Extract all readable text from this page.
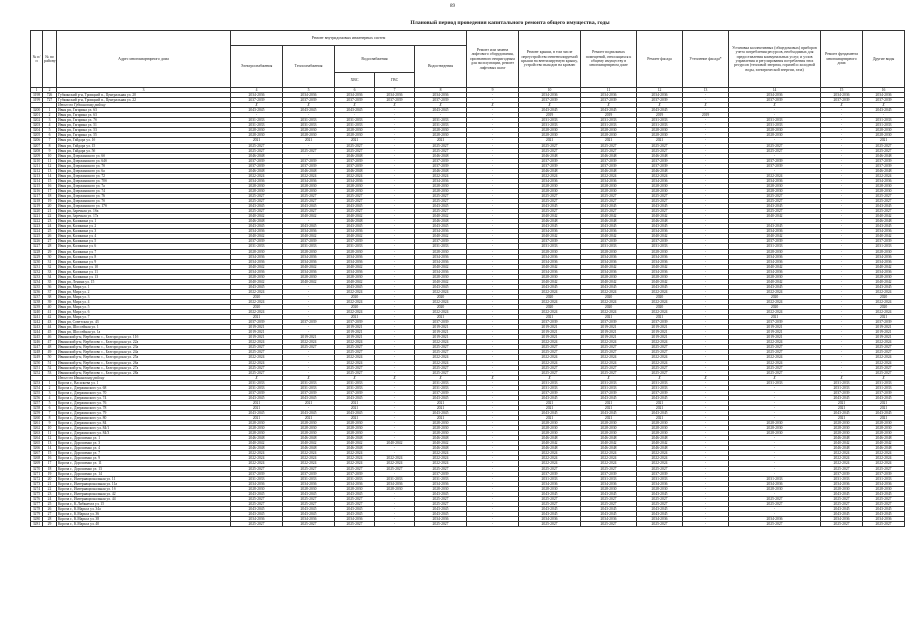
89
Плановый период проведения капитального ремонта общего имущества, годы
№ п/п	№ по району	Адрес многоквартирного дома	Ремонт внутридомовых инженерных систем					Ремонт или замена лифтового оборудования, признанного непригодным для эксплуатации, ремонт лифтовых шахт	Ремонт крыши, в том числе переустройство невентилируемой крыши на вентилируемую крышу, устройство выходов на кровлю	Ремонт подвальных помещений, относящихся к общему имуществу в многоквартирном доме	Ремонт фасада	Утепление фасада*	Установка коллективных (общедомовых) приборов учета потребления ресурсов, необходимых для предоставления коммунальных услуг, и узлов управления и регулирования потребления этих ресурсов (тепловой энергии, горячей и холодной воды, электрической энергии, газа)	Ремонт фундамента многоквартирного дома	Другие виды
			Электроснабжения	Теплоснабжения	Водоснабжения		Водоотведения								
					ХВС	ГВС									
1	2	3	4	5	6	7	8	9	10	11	12	13	14	15	16
3198	726	Губкинский р-н, Троицкий п., Центральная ул. 20	2034-2036	2034-2036	2034-2036	2034-2036	2034-2036	-	2034-2036	2034-2036	2034-2036	-	2034-2036	2034-2036	2034-2036
3199	727	Губкинский р-н, Троицкий п., Центральная ул. 22	2037-2039	2037-2039	2037-2039	2037-2039	2037-2039	-	2037-2039	2037-2039	2037-2039	-	2037-2039	2037-2039	2037-2039
		Итого по Губкинскому району	X	X	X	X	X	X	X	X	X	X	X	X	X
3200	1	Ивня рп, Гагарина ул. 63	2043-2045	2043-2045	2043-2045	-	2043-2045	-	2043-2045	2043-2045	2043-2045	-	-	-	2043-2045
3201	2	Ивня рп, Гагарина ул. 63	-	-	-	-	-	-	2019	2019	2019	2019	-	-	-
3202	3	Ивня рп, Гагарина ул. 7б	2031-2033	2031-2033	2031-2033	-	2031-2033	-	2031-2033	2031-2033	2031-2033	-	2031-2033	-	2031-2033
3203	4	Ивня рп, Гагарина ул. 51	2031-2033	2031-2033	2031-2033	-	2031-2033	-	2031-2033	2031-2033	2031-2033	-	2031-2033	-	2031-2033
3204	5	Ивня рп, Гагарина ул. 53	2028-2030	2028-2030	2028-2030	-	2028-2030	-	2028-2030	2028-2030	2028-2030	-	2028-2030	-	2028-2030
3205	6	Ивня рп, Гагарина ул. 55	2028-2030	2028-2030	2028-2030	-	2028-2030	-	2028-2030	2028-2030	2028-2030	-	2028-2030	-	2028-2030
3206	7	Ивня рп, Гайдара ул. 1б	2021	2021	2021	-	2021	-	2021	2021	2021	-	-	-	2021
3207	8	Ивня рп, Гайдара ул. 15	2025-2027	-	2025-2027	-	2025-2027	-	2025-2027	2025-2027	2025-2027	-	2025-2027	-	2025-2027
3208	9	Ивня рп, Гайдара ул. 5б	2025-2027	2025-2027	2025-2027	-	2025-2027	-	2025-2027	2025-2027	2025-2027	-	2025-2027	-	2025-2027
3209	10	Ивня рп, Дзержинского ул. 6б	2046-2048	-	2046-2048	-	2046-2048	-	2046-2048	2046-2048	2046-2048	-	-	-	2046-2048
3210	11	Ивня рп, Дзержинского ул. 64б	2037-2039	2037-2039	2037-2039	-	2037-2039	-	2037-2039	2037-2039	2037-2039	-	2037-2039	-	2037-2039
3211	12	Ивня рп, Дзержинского ул. 7б	2037-2039	2037-2039	2037-2039	-	2037-2039	-	2037-2039	2037-2039	2037-2039	-	2037-2039	-	2037-2039
3212	13	Ивня рп, Дзержинского ул. 6а	2046-2048	2046-2048	2046-2048	-	2046-2048	-	2046-2048	2046-2048	2046-2048	-	-	-	2046-2048
3213	14	Ивня рп, Дзержинского ул. 72	2022-2024	2022-2024	2022-2024	-	2022-2024	-	2022-2024	2022-2024	2022-2024	-	2022-2024	-	2022-2024
3214	15	Ивня рп, Дзержинского ул. 70б	2034-2036	2034-2036	2034-2036	-	2034-2036	-	2034-2036	2034-2036	2034-2036	-	2034-2036	-	2034-2036
3215	16	Ивня рп, Дзержинского ул. 7а	2028-2030	2028-2030	2028-2030	-	2028-2030	-	2028-2030	2028-2030	2028-2030	-	2028-2030	-	2028-2030
3216	17	Ивня рп, Дзержинского ул. 74	2028-2030	2028-2030	2028-2030	-	2028-2030	-	2028-2030	2028-2030	2028-2030	-	2028-2030	-	2028-2030
3217	18	Ивня рп, Дзержинского ул. 76	2025-2027	2025-2027	2025-2027	-	2025-2027	-	2025-2027	2025-2027	2025-2027	-	2025-2027	-	2025-2027
3218	19	Ивня рп, Дзержинского ул. 7б	2025-2027	2025-2027	2025-2027	-	2025-2027	-	2025-2027	2025-2027	2025-2027	-	2025-2027	-	2025-2027
3219	20	Ивня рп, Дзержинского ул. 17б	2043-2045	2043-2045	2043-2045	-	2043-2045	-	2043-2045	2043-2045	2043-2045	-	2043-2045	-	2043-2045
3220	21	Ивня рп, Заречная ул. 1ба	2025-2027	2025-2027	2025-2027	-	2025-2027	-	2025-2027	2025-2027	2025-2027	-	2025-2027	-	2025-2027
3221	22	Ивня рп, Заречная ул. 17а	2040-2042	2040-2042	2040-2042	-	2040-2042	-	2040-2042	2040-2042	2040-2042	-	2040-2042	-	2040-2042
3222	23	Ивня рп, Калинина ул. 1	2046-2048	-	2046-2048	-	2046-2048	-	2046-2048	2046-2048	2046-2048	-	-	-	2046-2048
3223	24	Ивня рп, Калинина ул. 2	2043-2045	2043-2045	2043-2045	-	2043-2045	-	2043-2045	2043-2045	2043-2045	-	2043-2045	-	2043-2045
3224	25	Ивня рп, Калинина ул. 3	2034-2036	2034-2036	2034-2036	-	2034-2036	-	2034-2036	2034-2036	2034-2036	-	2034-2036	-	2034-2036
3225	26	Ивня рп, Калинина ул. 4	2040-2042	2040-2042	2040-2042	-	2040-2042	-	2040-2042	2040-2042	2040-2042	-	2040-2042	-	2040-2042
3226	27	Ивня рп, Калинина ул. 5	2037-2039	2037-2039	2037-2039	-	2037-2039	-	2037-2039	2037-2039	2037-2039	-	2037-2039	-	2037-2039
3227	28	Ивня рп, Калинина ул. 6	2031-2033	2031-2033	2031-2033	-	2031-2033	-	2031-2033	2031-2033	2031-2033	-	2031-2033	-	2031-2033
3228	29	Ивня рп, Калинина ул. 7	2028-2030	2028-2030	2028-2030	-	2028-2030	-	2028-2030	2028-2030	2028-2030	-	2028-2030	-	2028-2030
3229	30	Ивня рп, Калинина ул. 8	2034-2036	2034-2036	2034-2036	-	2034-2036	-	2034-2036	2034-2036	2034-2036	-	2034-2036	-	2034-2036
3230	31	Ивня рп, Калинина ул. 9	2034-2036	2034-2036	2034-2036	-	2034-2036	-	2034-2036	2034-2036	2034-2036	-	2034-2036	-	2034-2036
3231	32	Ивня рп, Калинина ул. 10	2040-2042	2040-2042	2040-2042	-	2040-2042	-	2040-2042	2040-2042	2040-2042	-	2040-2042	-	2040-2042
3232	33	Ивня рп, Калинина ул. 11	2034-2036	2034-2036	2034-2036	-	2034-2036	-	2034-2036	2034-2036	2034-2036	-	2034-2036	-	2034-2036
3233	34	Ивня рп, Калинина ул. 13	2028-2030	2028-2030	2028-2030	-	2028-2030	-	2028-2030	2028-2030	2028-2030	-	2028-2030	-	2028-2030
3234	35	Ивня рп, Ленина ул. 15	2040-2042	2040-2042	2040-2042	-	2040-2042	-	2040-2042	2040-2042	2040-2042	-	2040-2042	-	2040-2042
3235	36	Ивня рп, Мира ул. 1	2043-2045	-	2043-2045	-	2043-2045	-	2043-2045	2043-2045	2043-2045	-	2043-2045	-	2043-2045
3236	37	Ивня рп, Мира ул. 2	2022-2024	-	2022-2024	-	2022-2024	-	2022-2024	2022-2024	2022-2024	-	2022-2024	-	2022-2024
3237	38	Ивня рп, Мира ул. 3	2020	-	2020	-	2020	-	2020	2020	2020	-	2020	-	2020
3238	39	Ивня рп, Мира ул. 4	2022-2024	-	2022-2024	-	2022-2024	-	2022-2024	2022-2024	2022-2024	-	2022-2024	-	2022-2024
3239	40	Ивня рп, Мира ул. 5	2020	-	2020	-	2020	-	2020	2020	2020	-	2020	-	2020
3240	41	Ивня рп, Мира ул. 6	2022-2024	-	2022-2024	-	2022-2024	-	2022-2024	2022-2024	2022-2024	-	2022-2024	-	2022-2024
3241	42	Ивня рп, Мира ул. 7	2021	-	2021	-	2021	-	2021	2021	2021	-	2021	-	2021
3242	43	Ивня рп, Советская ул. 43	2037-2039	2037-2039	2037-2039	-	2037-2039	-	2037-2039	2037-2039	2037-2039	-	2037-2039	-	2037-2039
3243	44	Ивня рп, Шоссейная ул. 1	2019-2021	-	2019-2021	-	2019-2021	-	2019-2021	2019-2021	2019-2021	-	2019-2021	-	2019-2021
3244	45	Ивня рп, Шоссейная ул. 1а	2019-2021	-	2019-2021	-	2019-2021	-	2019-2021	2019-2021	2019-2021	-	2019-2021	-	2019-2021
3245	46	Ивнянский р-н, Вербилово с., Белгородская ул. 11б	2019-2021	2019-2021	2019-2021	-	2019-2021	-	2019-2021	2019-2021	2019-2021	-	2019-2021	-	2019-2021
3246	47	Ивнянский р-н, Вербилово с., Белгородская ул. 22а	2022-2024	2022-2024	2022-2024	-	2022-2024	-	2022-2024	2022-2024	2022-2024	-	2022-2024	-	2022-2024
3247	48	Ивнянский р-н, Вербилово с., Белгородская ул. 23а	2025-2027	2025-2027	2025-2027	-	2025-2027	-	2025-2027	2025-2027	2025-2027	-	2025-2027	-	2025-2027
3248	49	Ивнянский р-н, Вербилово с., Белгородская ул. 24а	2025-2027	-	2025-2027	-	2025-2027	-	2025-2027	2025-2027	2025-2027	-	2025-2027	-	2025-2027
3249	50	Ивнянский р-н, Вербилово с., Белгородская ул. 25а	2022-2024	-	2022-2024	-	2022-2024	-	2022-2024	2022-2024	2022-2024	-	2022-2024	-	2022-2024
3250	51	Ивнянский р-н, Вербилово с., Белгородская ул. 26а	2022-2024	-	2022-2024	-	2022-2024	-	2022-2024	2022-2024	2022-2024	-	2022-2024	-	2022-2024
3251	52	Ивнянский р-н, Вербилово с., Белгородская ул. 27а	2025-2027	-	2025-2027	-	2025-2027	-	2025-2027	2025-2027	2025-2027	-	2025-2027	-	2025-2027
3252	53	Ивнянский р-н, Вербилово с., Белгородская ул. 28а	2025-2027	-	2025-2027	-	2025-2027	-	2025-2027	2025-2027	2025-2027	-	2025-2027	-	2025-2027
		Итого по Ивнянскому району	X	X	X	X	X	X	X	X	X	X	X	X	X
3253	1	Короча г., Васильева ул. 1	2031-2033	2031-2033	2031-2033	-	2031-2033	-	2031-2033	2031-2033	2031-2033	-	2031-2033	2031-2033	2031-2033
3254	2	Короча г., Дзержинского ул. 68	2031-2033	2031-2033	2031-2033	-	2031-2033	-	2031-2033	2031-2033	2031-2033	-	-	2031-2033	2031-2033
3255	3	Короча г., Дзержинского ул. 70	2037-2039	2037-2039	2037-2039	-	2037-2039	-	2037-2039	2037-2039	2037-2039	-	-	2037-2039	2037-2039
3256	4	Короча г., Дзержинского ул. 74	2043-2045	2043-2045	2043-2045	-	2043-2045	-	2043-2045	2043-2045	2043-2045	-	-	2043-2045	2043-2045
3257	5	Короча г., Дзержинского ул. 76	2021	2021	2021	-	2021	-	2021	2021	2021	-	-	2021	2021
3258	6	Короча г., Дзержинского ул. 78	2021	-	2021	-	2021	-	2021	2021	2021	-	-	2021	2021
3259	7	Короча г., Дзержинского ул. 79	2043-2045	2043-2045	2043-2045	-	2043-2045	-	2043-2045	2043-2045	2043-2045	-	-	2043-2045	2043-2045
3260	8	Короча г., Дзержинского ул. 80	2021	2021	2021	-	2021	-	2021	2021	2021	-	-	2021	2021
3261	9	Короча г., Дзержинского ул. 84	2028-2030	2028-2030	2028-2030	-	2028-2030	-	2028-2030	2028-2030	2028-2030	-	2028-2030	2028-2030	2028-2030
3262	10	Короча г., Дзержинского ул. 84/1	2028-2030	2028-2030	2028-2030	-	2028-2030	-	2028-2030	2028-2030	2028-2030	-	2028-2030	2028-2030	2028-2030
3263	11	Короча г., Дзержинского ул. 84/3	2028-2030	2028-2030	2028-2030	-	2028-2030	-	2028-2030	2028-2030	2028-2030	-	2028-2030	2028-2030	2028-2030
3264	12	Короча г., Дорошенко ул. 1	2046-2048	2046-2048	2046-2048	-	2046-2048	-	2046-2048	2046-2048	2046-2048	-	-	2046-2048	2046-2048
3265	13	Короча г., Дорошенко ул. 3	2040-2042	2040-2042	2040-2042	2040-2042	2040-2042	-	2040-2042	2040-2042	2040-2042	-	-	2040-2042	2040-2042
3266	14	Короча г., Дорошенко ул. 4	2046-2048	2046-2048	2046-2048	-	2046-2048	-	2046-2048	2046-2048	2046-2048	-	-	2046-2048	2046-2048
3267	15	Короча г., Дорошенко ул. 7	2022-2024	2022-2024	2022-2024	-	2022-2024	-	2022-2024	2022-2024	2022-2024	-	-	2022-2024	2022-2024
3268	16	Короча г., Дорошенко ул. 9	2022-2024	2022-2024	2022-2024	2022-2024	2022-2024	-	2022-2024	2022-2024	2022-2024	-	-	2022-2024	2022-2024
3269	17	Короча г., Дорошенко ул. 11	2022-2024	2022-2024	2022-2024	2022-2024	2022-2024	-	2022-2024	2022-2024	2022-2024	-	-	2022-2024	2022-2024
3270	18	Короча г., Дорошенко ул. 13	2025-2027	2025-2027	2025-2027	2025-2027	2025-2027	-	2025-2027	2025-2027	2025-2027	-	-	2025-2027	2025-2027
3271	19	Короча г., Дорошенко ул. 14	2037-2039	2037-2039	2037-2039	-	2037-2039	-	2037-2039	2037-2039	2037-2039	-	-	2037-2039	2037-2039
3272	20	Короча г., Интернациональная ул. 11	2031-2033	2031-2033	2031-2033	2031-2033	2031-2033	-	2031-2033	2031-2033	2031-2033	-	2031-2033	2031-2033	2031-2033
3273	21	Короча г., Интернациональная ул. 11а	2034-2036	2034-2036	2034-2036	2034-2036	2034-2036	-	2034-2036	2034-2036	2034-2036	-	2034-2036	2034-2036	2034-2036
3274	22	Короча г., Интернациональная ул. 1б	2028-2030	2028-2030	2028-2030	2028-2030	2028-2030	-	2028-2030	2028-2030	2028-2030	-	2028-2030	2028-2030	2028-2030
3275	23	Короча г., Интернациональная ул. 42	2043-2045	2043-2045	2043-2045	-	2043-2045	-	2043-2045	2043-2045	2043-2045	-	-	2043-2045	2043-2045
3276	24	Короча г., Интернациональная ул. 44	2025-2027	2025-2027	2025-2027	-	2025-2027	-	2025-2027	2025-2027	2025-2027	-	2025-2027	2025-2027	2025-2027
3277	25	Короча г., К.Либкнехта ул. 15	2025-2027	2025-2027	2025-2027	-	2025-2027	-	2025-2027	2025-2027	2025-2027	-	2025-2027	2025-2027	2025-2027
3278	26	Короча г., К.Маркса ул. 34а	2043-2045	2043-2045	2043-2045	-	2043-2045	-	2043-2045	2043-2045	2043-2045	-	-	2043-2045	2043-2045
3279	27	Короча г., К.Маркса ул. 36	2043-2045	2043-2045	2043-2045	-	2043-2045	-	2043-2045	2043-2045	2043-2045	-	-	2043-2045	2043-2045
3280	28	Короча г., К.Маркса ул. 38	2034-2036	2034-2036	2034-2036	-	2034-2036	-	2034-2036	2034-2036	2034-2036	-	2034-2036	2034-2036	2034-2036
3281	29	Короча г., К.Маркса ул. 40	2025-2027	2025-2027	2025-2027	-	2025-2027	-	2025-2027	2025-2027	2025-2027	-	2025-2027	2025-2027	2025-2027
